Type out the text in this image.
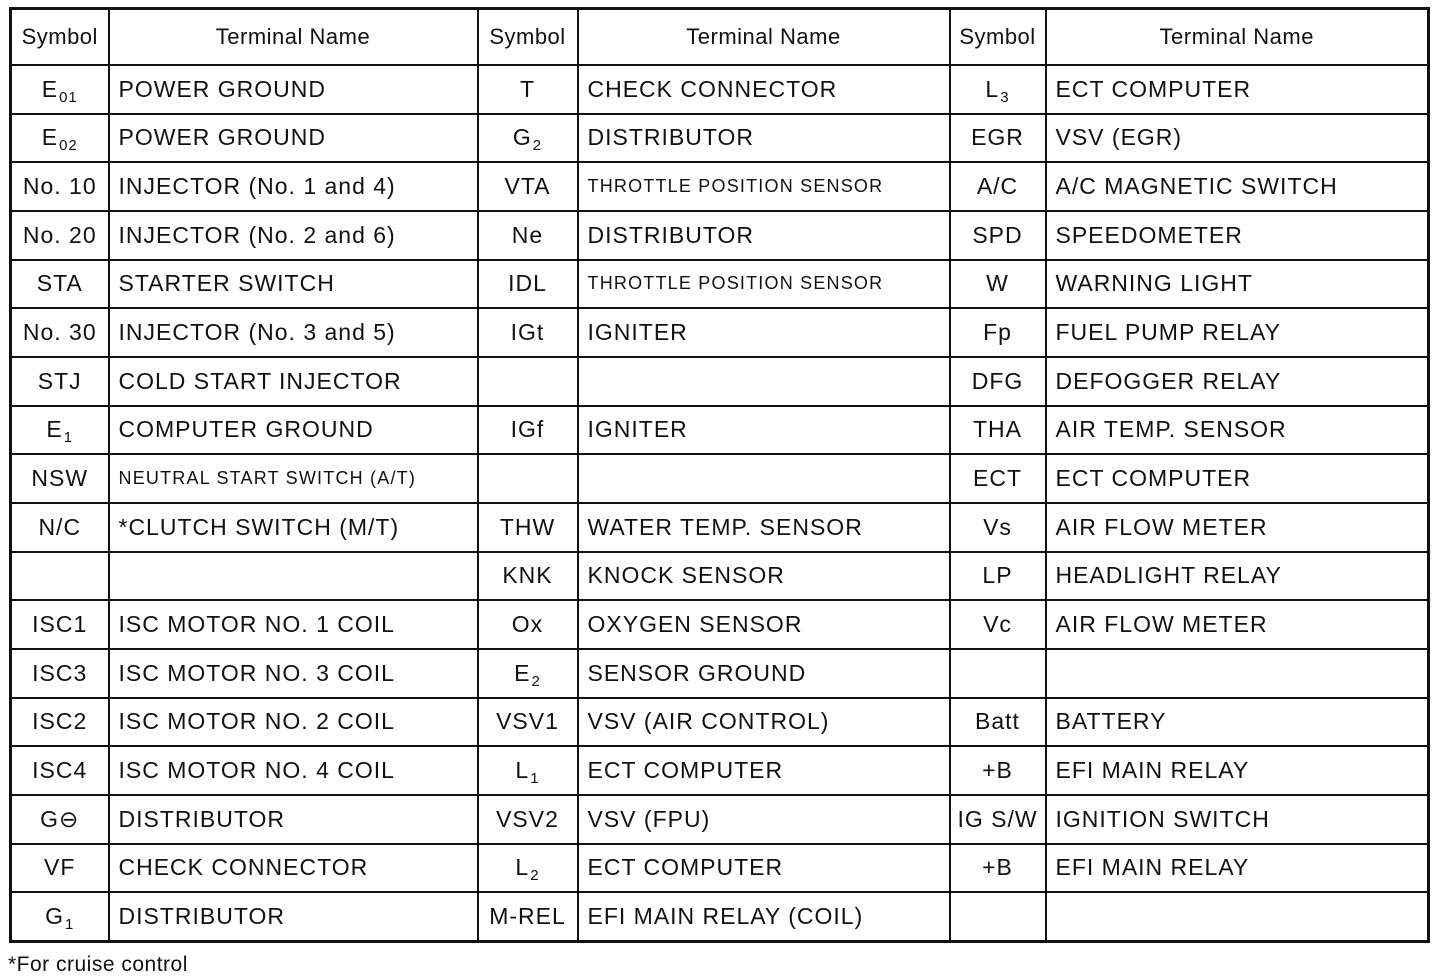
Symbol	Terminal Name	Symbol	Terminal Name	Symbol	Terminal Name
$E_{01}$	POWER GROUND	T	CHECK CONNECTOR	$L_3$	ECT COMPUTER
$E_{02}$	POWER GROUND	$G_2$	DISTRIBUTOR	EGR	VSV (EGR)
No. 10	INJECTOR (No. 1 and 4)	VTA	THROTTLE POSITION SENSOR	A/C	A/C MAGNETIC SWITCH
No. 20	INJECTOR (No. 2 and 6)	Ne	DISTRIBUTOR	SPD	SPEEDOMETER
STA	STARTER SWITCH	IDL	THROTTLE POSITION SENSOR	W	WARNING LIGHT
No. 30	INJECTOR (No. 3 and 5)	IGt	IGNITER	Fp	FUEL PUMP RELAY
STJ	COLD START INJECTOR			DFG	DEFOGGER RELAY
$E_1$	COMPUTER GROUND	IGf	IGNITER	THA	AIR TEMP. SENSOR
NSW	NEUTRAL START SWITCH (A/T)			ECT	ECT COMPUTER
N/C	*CLUTCH SWITCH (M/T)	THW	WATER TEMP. SENSOR	Vs	AIR FLOW METER
		KNK	KNOCK SENSOR	LP	HEADLIGHT RELAY
ISC1	ISC MOTOR NO. 1 COIL	Ox	OXYGEN SENSOR	Vc	AIR FLOW METER
ISC3	ISC MOTOR NO. 3 COIL	$E_2$	SENSOR GROUND		
ISC2	ISC MOTOR NO. 2 COIL	VSV1	VSV (AIR CONTROL)	Batt	BATTERY
ISC4	ISC MOTOR NO. 4 COIL	$L_1$	ECT COMPUTER	+B	EFI MAIN RELAY
G⊖	DISTRIBUTOR	VSV2	VSV (FPU)	IG S/W	IGNITION SWITCH
VF	CHECK CONNECTOR	$L_2$	ECT COMPUTER	+B	EFI MAIN RELAY
$G_1$	DISTRIBUTOR	M-REL	EFI MAIN RELAY (COIL)		

*For cruise control
